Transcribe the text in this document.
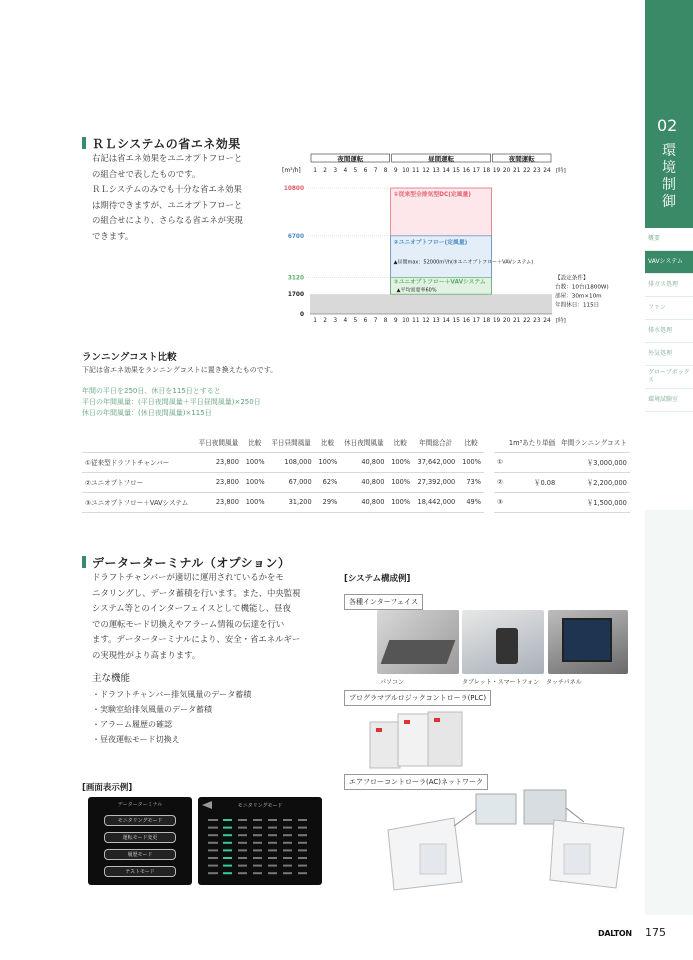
02
環境制御
概要
VAVシステム
排ガス処理
ファン
排水処理
外気処理
グローブボックス
環境試験室
ＲＬシステムの省エネ効果
右記は省エネ効果をユニオプトフローと
の組合せで表したものです。
ＲＬシステムのみでも十分な省エネ効果
は期待できますが、ユニオプトフローと
の組合せにより、さらなる省エネが実現
できます。
夜間運転	昼間運転	夜間運転
[m³/h] 1
1
2
2
3
3
4
4
5
5
6
6
7
7
8
8
9
9
10
10
11
11
12
12
13
13
14
14
15
15
16
16
17
17
18
18
19
19
20
20
21
21
22
22
23
23
24
24
[時]
[時]
10800
6700
3120
1700
0
①従来型全排気型DC(定風量)
②ユニオプトフロー(定風量)
③ユニオプトフロー＋VAVシステム
▲昼間max：52000m³/h(③ユニオプトフロー＋VAVシステム)
▲平均需要率60%
【設定条件】
台数：10台(1800W)
部屋：30m×10m
年間休日：115日
ランニングコスト比較
下記は省エネ効果をランニングコストに置き換えたものです。
年間の平日を250日、休日を115日とすると
平日の年間風量：(平日夜間風量＋平日昼間風量)×250日
休日の年間風量：(休日夜間風量)×115日
	平日夜間風量	比較	平日昼間風量	比較	休日夜間風量	比較	年間総合計	比較
①従来型ドラフトチャンバー	23,800	100%	108,000	100%	40,800	100%	37,642,000	100%
②ユニオプトフロー	23,800	100%	67,000	62%	40,800	100%	27,392,000	73%
③ユニオプトフロー＋VAVシステム	23,800	100%	31,200	29%	40,800	100%	18,442,000	49%
	1m³あたり単価	年間ランニングコスト
①		￥3,000,000
②	￥0.08	￥2,200,000
③		￥1,500,000
データーターミナル（オプション）
ドラフトチャンバーが適切に運用されているかをモ
ニタリングし、データ蓄積を行います。また、中央監視
システム等とのインターフェイスとして機能し、昼夜
での運転モード切換えやアラーム情報の伝達を行い
ます。データーターミナルにより、安全・省エネルギー
の実現性がより高まります。
主な機能
・ドラフトチャンバー排気風量のデータ蓄積
・実験室給排気風量のデータ蓄積
・アラーム履歴の確認
・昼夜運転モード切換え
[画面表示例]
データーターミナル
モニタリングモード
運転モード変更
履歴モード
テストモード
モニタリングモード
[システム構成例]
各種インターフェイス
パソコン	タブレット・スマートフォン タッチパネル
プログラマブルロジックコントローラ(PLC)
エアフローコントローラ(AC)ネットワーク
DALTON 175
